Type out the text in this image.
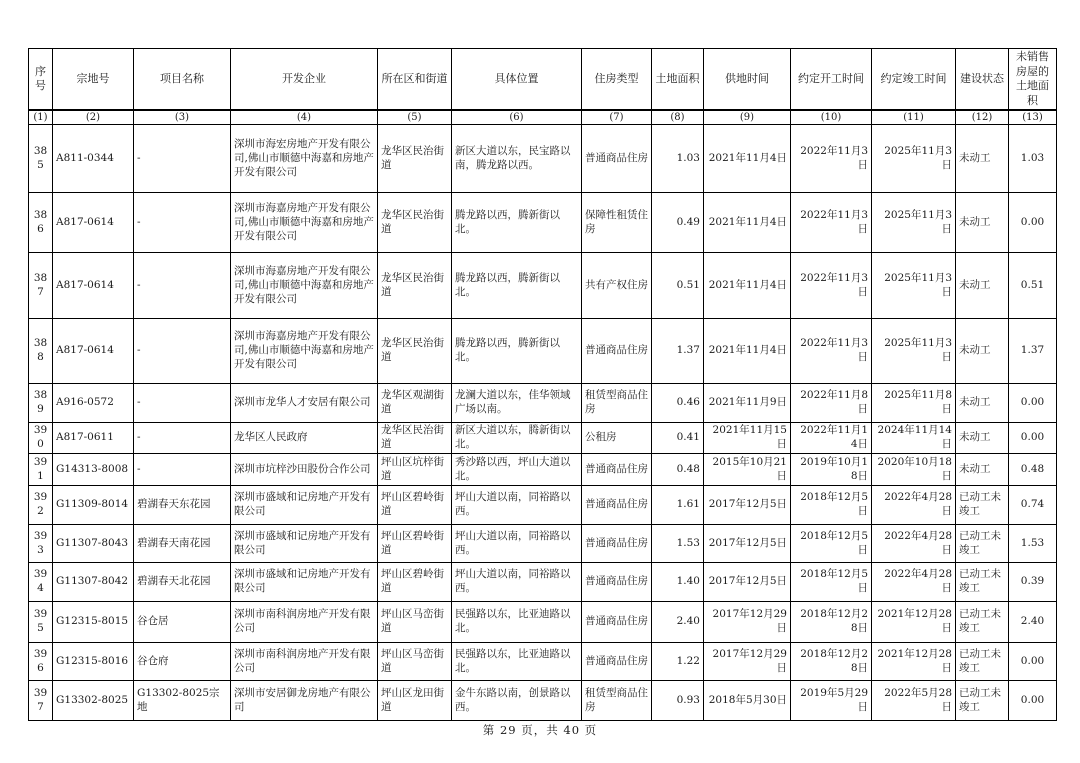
序号	宗地号	项目名称	开发企业	所在区和街道	具体位置	住房类型	土地面积	供地时间	约定开工时间	约定竣工时间	建设状态	未销售房屋的土地面积
(1)	(2)	(3)	(4)	(5)	(6)	(7)	(8)	(9)	(10)	(11)	(12)	(13)
385	A811-0344	-	深圳市海宏房地产开发有限公司,佛山市顺德中海嘉和房地产开发有限公司	龙华区民治街道	新区大道以东，民宝路以南，腾龙路以西。	普通商品住房	1.03	2021年11月4日	2022年11月3日	2025年11月3日	未动工	1.03
386	A817-0614	-	深圳市海嘉房地产开发有限公司,佛山市顺德中海嘉和房地产开发有限公司	龙华区民治街道	腾龙路以西，腾新街以北。	保障性租赁住房	0.49	2021年11月4日	2022年11月3日	2025年11月3日	未动工	0.00
387	A817-0614	-	深圳市海嘉房地产开发有限公司,佛山市顺德中海嘉和房地产开发有限公司	龙华区民治街道	腾龙路以西，腾新街以北。	共有产权住房	0.51	2021年11月4日	2022年11月3日	2025年11月3日	未动工	0.51
388	A817-0614	-	深圳市海嘉房地产开发有限公司,佛山市顺德中海嘉和房地产开发有限公司	龙华区民治街道	腾龙路以西，腾新街以北。	普通商品住房	1.37	2021年11月4日	2022年11月3日	2025年11月3日	未动工	1.37
389	A916-0572	-	深圳市龙华人才安居有限公司	龙华区观湖街道	龙澜大道以东，佳华领域广场以南。	租赁型商品住房	0.46	2021年11月9日	2022年11月8日	2025年11月8日	未动工	0.00
390	A817-0611	-	龙华区人民政府	龙华区民治街道	新区大道以东，腾新街以北。	公租房	0.41	2021年11月15日	2022年11月14日	2024年11月14日	未动工	0.00
391	G14313-8008	-	深圳市坑梓沙田股份合作公司	坪山区坑梓街道	秀沙路以西，坪山大道以北。	普通商品住房	0.48	2015年10月21日	2019年10月18日	2020年10月18日	未动工	0.48
392	G11309-8014	碧湖春天东花园	深圳市盛域和记房地产开发有限公司	坪山区碧岭街道	坪山大道以南，同裕路以西。	普通商品住房	1.61	2017年12月5日	2018年12月5日	2022年4月28日	已动工未竣工	0.74
393	G11307-8043	碧湖春天南花园	深圳市盛域和记房地产开发有限公司	坪山区碧岭街道	坪山大道以南，同裕路以西。	普通商品住房	1.53	2017年12月5日	2018年12月5日	2022年4月28日	已动工未竣工	1.53
394	G11307-8042	碧湖春天北花园	深圳市盛域和记房地产开发有限公司	坪山区碧岭街道	坪山大道以南，同裕路以西。	普通商品住房	1.40	2017年12月5日	2018年12月5日	2022年4月28日	已动工未竣工	0.39
395	G12315-8015	谷仓居	深圳市南科润房地产开发有限公司	坪山区马峦街道	民强路以东，比亚迪路以北。	普通商品住房	2.40	2017年12月29日	2018年12月28日	2021年12月28日	已动工未竣工	2.40
396	G12315-8016	谷仓府	深圳市南科润房地产开发有限公司	坪山区马峦街道	民强路以东，比亚迪路以北。	普通商品住房	1.22	2017年12月29日	2018年12月28日	2021年12月28日	已动工未竣工	0.00
397	G13302-8025	G13302-8025宗地	深圳市安居御龙房地产有限公司	坪山区龙田街道	金牛东路以南，创景路以西。	租赁型商品住房	0.93	2018年5月30日	2019年5月29日	2022年5月28日	已动工未竣工	0.00
第 29 页，共 40 页
